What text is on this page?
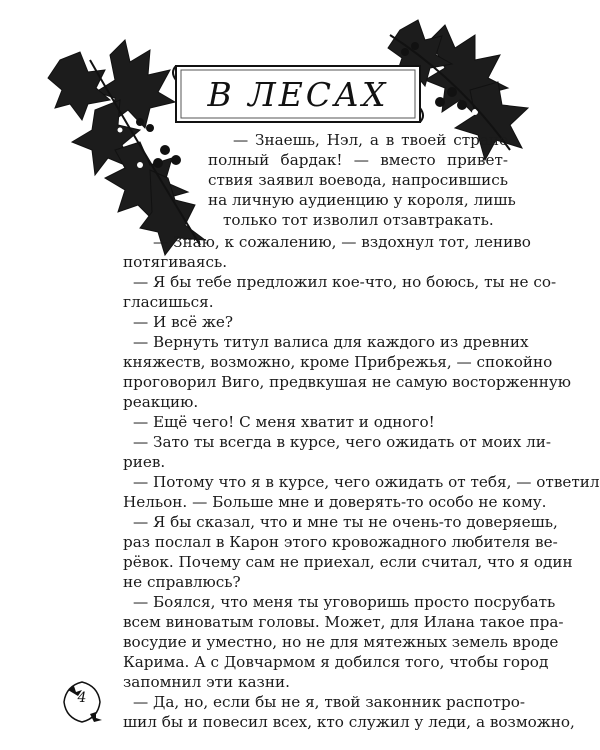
В ЛЕСАХ
— Знаешь, Нэл, а в твоей стране
полный бардак! — вместо привет-
ствия заявил воевода, напросившись
на личную аудиенцию у короля, лишь
только тот изволил отзавтракать.
— Знаю, к сожалению, — вздохнул тот, лениво
потягиваясь.
— Я бы тебе предложил кое-что, но боюсь, ты не со-
гласишься.
— И всё же?
— Вернуть титул валиса для каждого из древних
княжеств, возможно, кроме Прибрежья, — спокойно
проговорил Виго, предвкушая не самую восторженную
реакцию.
— Ещё чего! С меня хватит и одного!
— Зато ты всегда в курсе, чего ожидать от моих ли-
риев.
— Потому что я в курсе, чего ожидать от тебя, — ответил
Нельон. — Больше мне и доверять-то особо не кому.
— Я бы сказал, что и мне ты не очень-то доверяешь,
раз послал в Карон этого кровожадного любителя ве-
рёвок. Почему сам не приехал, если считал, что я один
не справлюсь?
— Боялся, что меня ты уговоришь просто посрубать
всем виноватым головы. Может, для Илана такое пра-
восудие и уместно, но не для мятежных земель вроде
Карима. А с Довчармом я добился того, чтобы город
запомнил эти казни.
— Да, но, если бы не я, твой законник распотро-
шил бы и повесил всех, кто служил у леди, а возможно,
4
